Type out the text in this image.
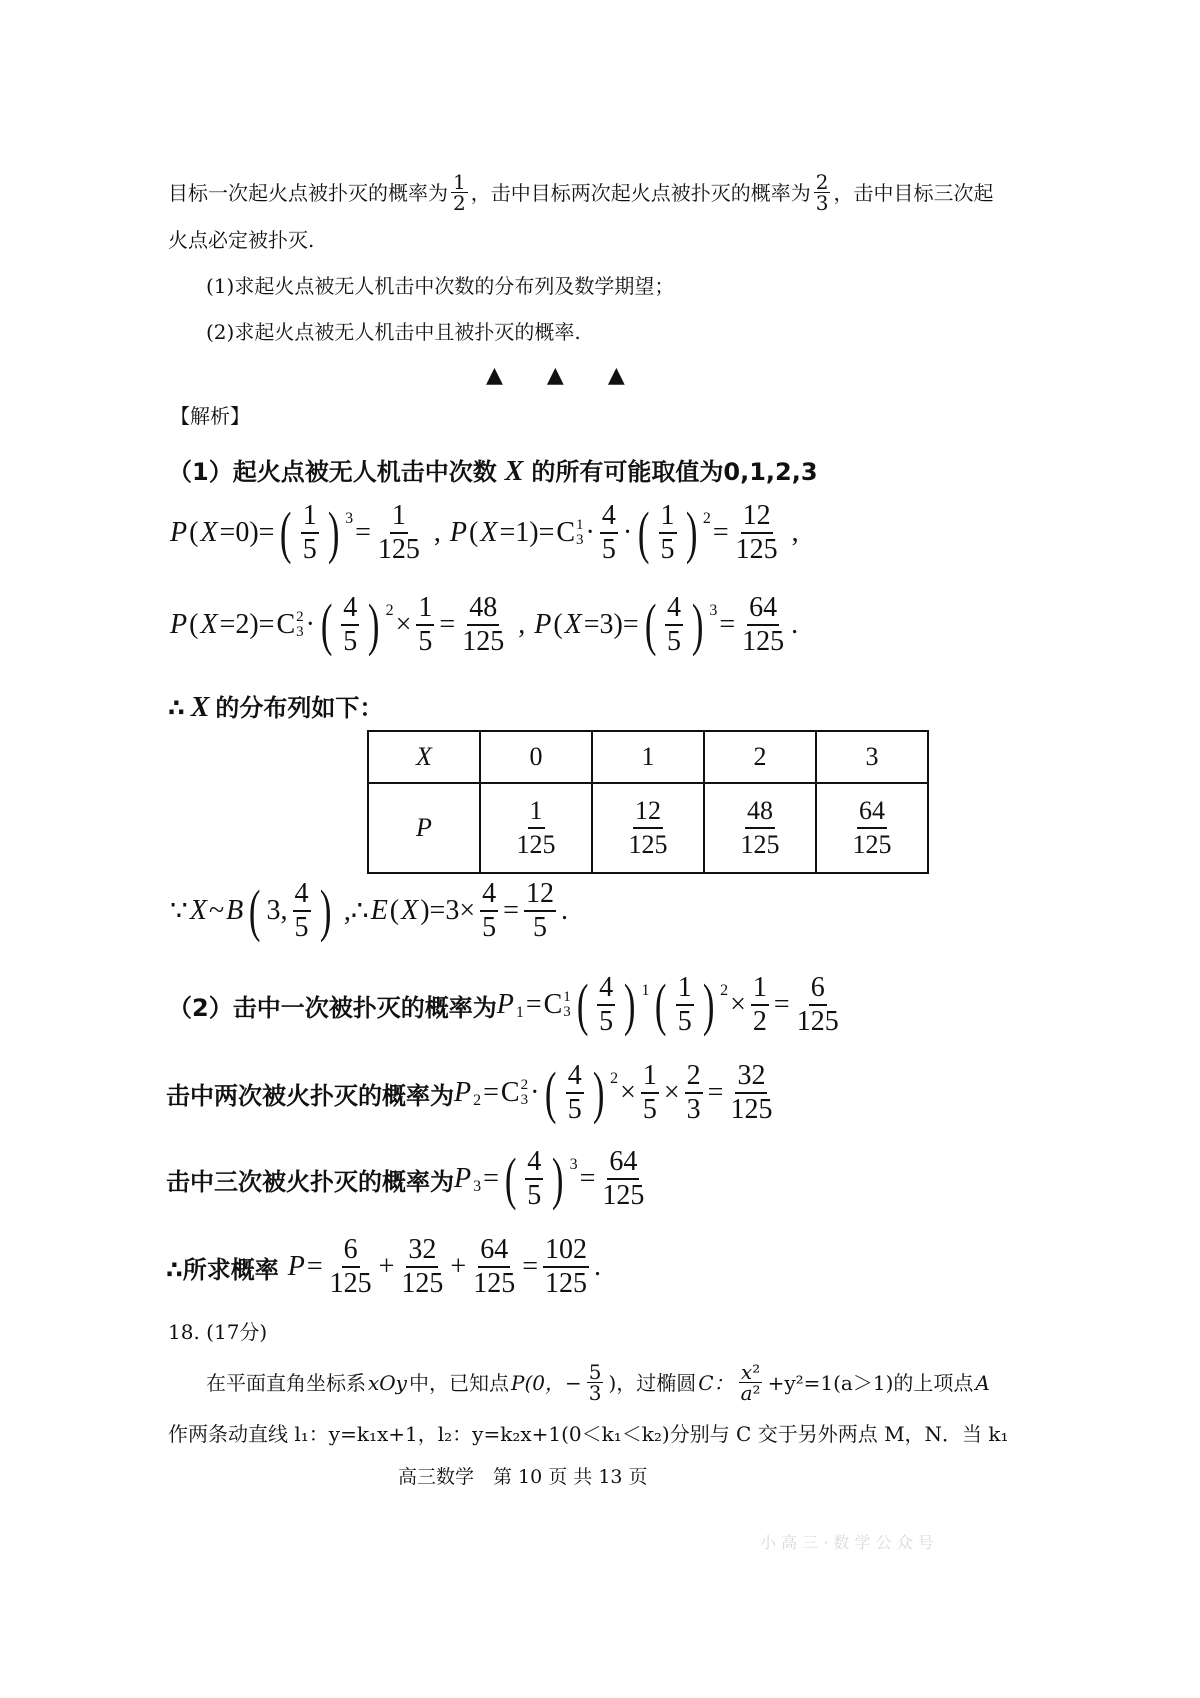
目标一次起火点被扑灭的概率为 $\frac{1}{2}$ ，击中目标两次起火点被扑灭的概率为 $\frac{2}{3}$ ，击中目标三次起
火点必定被扑灭.
(1)求起火点被无人机击中次数的分布列及数学期望；
(2)求起火点被无人机击中且被扑灭的概率.
▲　　▲　　▲
【解析】
（1）起火点被无人机击中次数 X 的所有可能取值为0,1,2,3
P ( X =0)= ( $\frac{1}{5}$ ) $^3 = \frac{1}{125}$ , P ( X =1)= C 1
$3 \cdot \frac{4}{5}$ · ( $\frac{1}{5}$ ) $^2 = \frac{12}{125}$ ,
P ( X =2)= C 2
3 · ( $\frac{4}{5}$ ) $^2 \times \frac{1}{5} = \frac{48}{125}$ , P ( X =3)= ( $\frac{4}{5}$ ) $^3 = \frac{64}{125}$ .
∴ X 的分布列如下：
X	0	1	2	3
P	$\frac{1}{125}$	$\frac{12}{125}$	$\frac{48}{125}$	$\frac{64}{125}$
∵ X ~ B ( 3, $\frac{4}{5}$ ) ,∴ E ( X )$=3\times \frac{4}{5} = \frac{12}{5}$ .
（2）击中一次被扑灭的概率为 P 1 = C 1
3 ( $\frac{4}{5}$ ) $^1$ ( $\frac{1}{5}$ ) $^2 \times \frac{1}{2} = \frac{6}{125}$
击中两次被火扑灭的概率为 P 2 = C 2
3 · ( $\frac{4}{5}$ ) $^2 \times \frac{1}{5} \times \frac{2}{3} = \frac{32}{125}$
击中三次被火扑灭的概率为 P 3 = ( $\frac{4}{5}$ ) $^3 = \frac{64}{125}$
∴所求概率
$P = \frac{6}{125} + \frac{32}{125} + \frac{64}{125} = \frac{102}{125}$ .
18. (17分)
在平面直角坐标系 xOy 中，已知点 P(0，− $\frac{5}{3}$ )，过椭圆 C： $\frac{\text{x²}}{\text{a²}} +y^2=1(a>1)$的上项点 A
作两条动直线 l₁：y=k₁x+1，l₂：y=k₂x+1(0＜k₁＜k₂)分别与 C 交于另外两点 M，N．当 k₁
高三数学　第 10 页 共 13 页
小 高 三 · 数 学 公 众 号
